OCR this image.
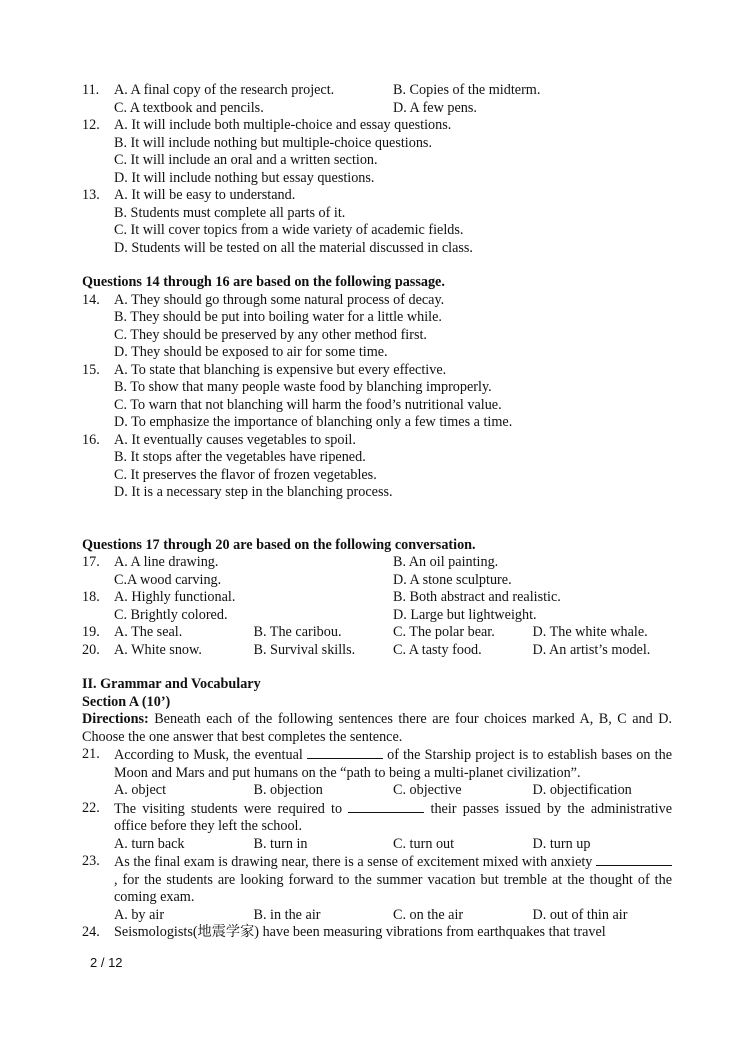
11.	A. A final copy of the research project.	B. Copies of the midterm.
C. A textbook and pencils.	D. A few pens.
12.	A. It will include both multiple-choice and essay questions.
B. It will include nothing but multiple-choice questions.
C. It will include an oral and a written section.
D. It will include nothing but essay questions.
13.	A. It will be easy to understand.
B. Students must complete all parts of it.
C. It will cover topics from a wide variety of academic fields.
D. Students will be tested on all the material discussed in class.
Questions 14 through 16 are based on the following passage.
14.	A. They should go through some natural process of decay.
B. They should be put into boiling water for a little while.
C. They should be preserved by any other method first.
D. They should be exposed to air for some time.
15.	A. To state that blanching is expensive but every effective.
B. To show that many people waste food by blanching improperly.
C. To warn that not blanching will harm the food’s nutritional value.
D. To emphasize the importance of blanching only a few times a time.
16.	A. It eventually causes vegetables to spoil.
B. It stops after the vegetables have ripened.
C. It preserves the flavor of frozen vegetables.
D. It is a necessary step in the blanching process.
Questions 17 through 20 are based on the following conversation.
17.	A. A line drawing.	B. An oil painting.
C.A wood carving.	D. A stone sculpture.
18.	A. Highly functional.	B. Both abstract and realistic.
C. Brightly colored.	D. Large but lightweight.
19.	A. The seal.	B. The caribou.	C. The polar bear.	D. The white whale.
20.	A. White snow.	B. Survival skills.	C. A tasty food.	D. An artist’s model.
II. Grammar and Vocabulary
Section A (10’)
Directions: Beneath each of the following sentences there are four choices marked A, B, C and D. Choose the one answer that best completes the sentence.
21.	According to Musk, the eventual	of the Starship project is to establish bases on the Moon and Mars and put humans on the “path to being a multi-planet civilization”.
A. object	B. objection	C. objective	D. objectification
22.	The visiting students were required to	their passes issued by the administrative office before they left the school.
A. turn back	B. turn in	C. turn out	D. turn up
23.	As the final exam is drawing near, there is a sense of excitement mixed with anxiety , for the students are looking forward to the summer vacation but tremble at the thought of the coming exam.
A. by air	B. in the air	C. on the air	D. out of thin air
24.	Seismologists(地震学家) have been measuring vibrations from earthquakes that travel
2 / 12
